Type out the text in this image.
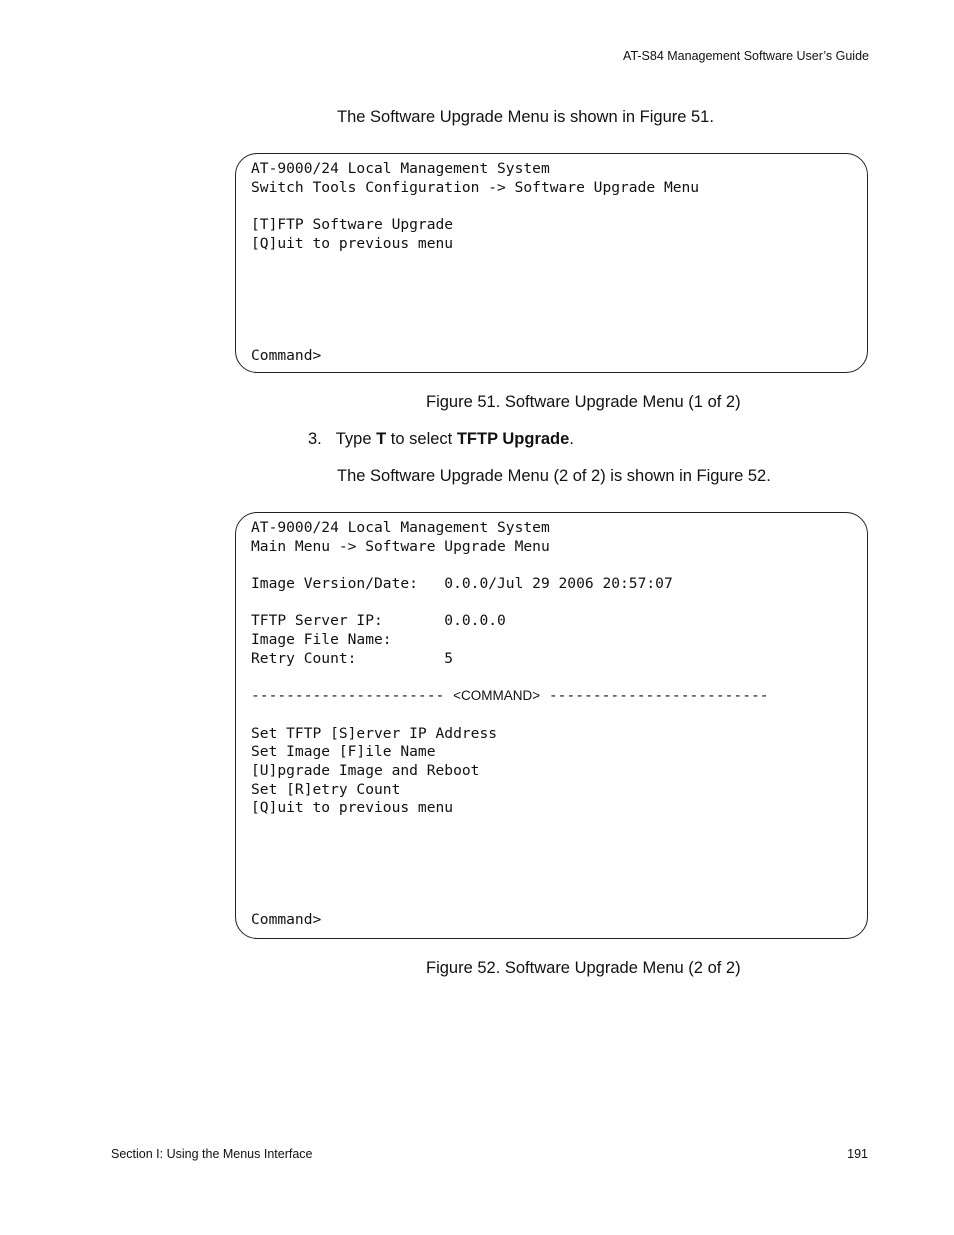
AT-S84 Management Software User’s Guide
The Software Upgrade Menu is shown in Figure 51.
AT-9000/24 Local Management System
Switch Tools Configuration -> Software Upgrade Menu
[T]FTP Software Upgrade
[Q]uit to previous menu
Command>
Figure 51. Software Upgrade Menu (1 of 2)
3. Type T to select TFTP Upgrade.
The Software Upgrade Menu (2 of 2) is shown in Figure 52.
AT-9000/24 Local Management System
Main Menu -> Software Upgrade Menu
Image Version/Date:   0.0.0/Jul 29 2006 20:57:07
TFTP Server IP:       0.0.0.0
Image File Name:
Retry Count:          5
---------------------- <COMMAND> -------------------------
Set TFTP [S]erver IP Address
Set Image [F]ile Name
[U]pgrade Image and Reboot
Set [R]etry Count
[Q]uit to previous menu
Command>
Figure 52. Software Upgrade Menu (2 of 2)
Section I: Using the Menus Interface	191
